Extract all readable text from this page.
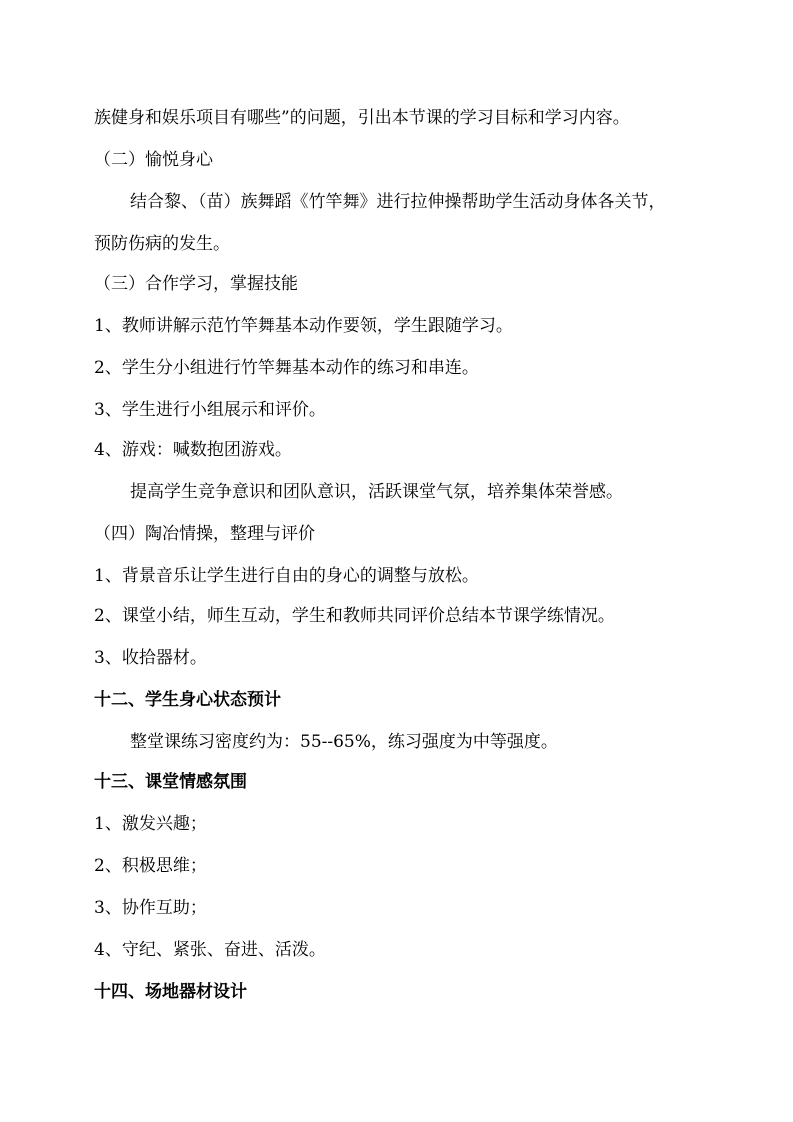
族健身和娱乐项目有哪些”的问题，引出本节课的学习目标和学习内容。
（二）愉悦身心
结合黎、（苗）族舞蹈《竹竿舞》进行拉伸操帮助学生活动身体各关节，
预防伤病的发生。
（三）合作学习，掌握技能
1、教师讲解示范竹竿舞基本动作要领，学生跟随学习。
2、学生分小组进行竹竿舞基本动作的练习和串连。
3、学生进行小组展示和评价。
4、游戏：喊数抱团游戏。
提高学生竞争意识和团队意识，活跃课堂气氛，培养集体荣誉感。
（四）陶冶情操，整理与评价
1、背景音乐让学生进行自由的身心的调整与放松。
2、课堂小结，师生互动，学生和教师共同评价总结本节课学练情况。
3、收拾器材。
十二、学生身心状态预计
整堂课练习密度约为：55--65%，练习强度为中等强度。
十三、课堂情感氛围
1、激发兴趣；
2、积极思维；
3、协作互助；
4、守纪、紧张、奋进、活泼。
十四、场地器材设计
